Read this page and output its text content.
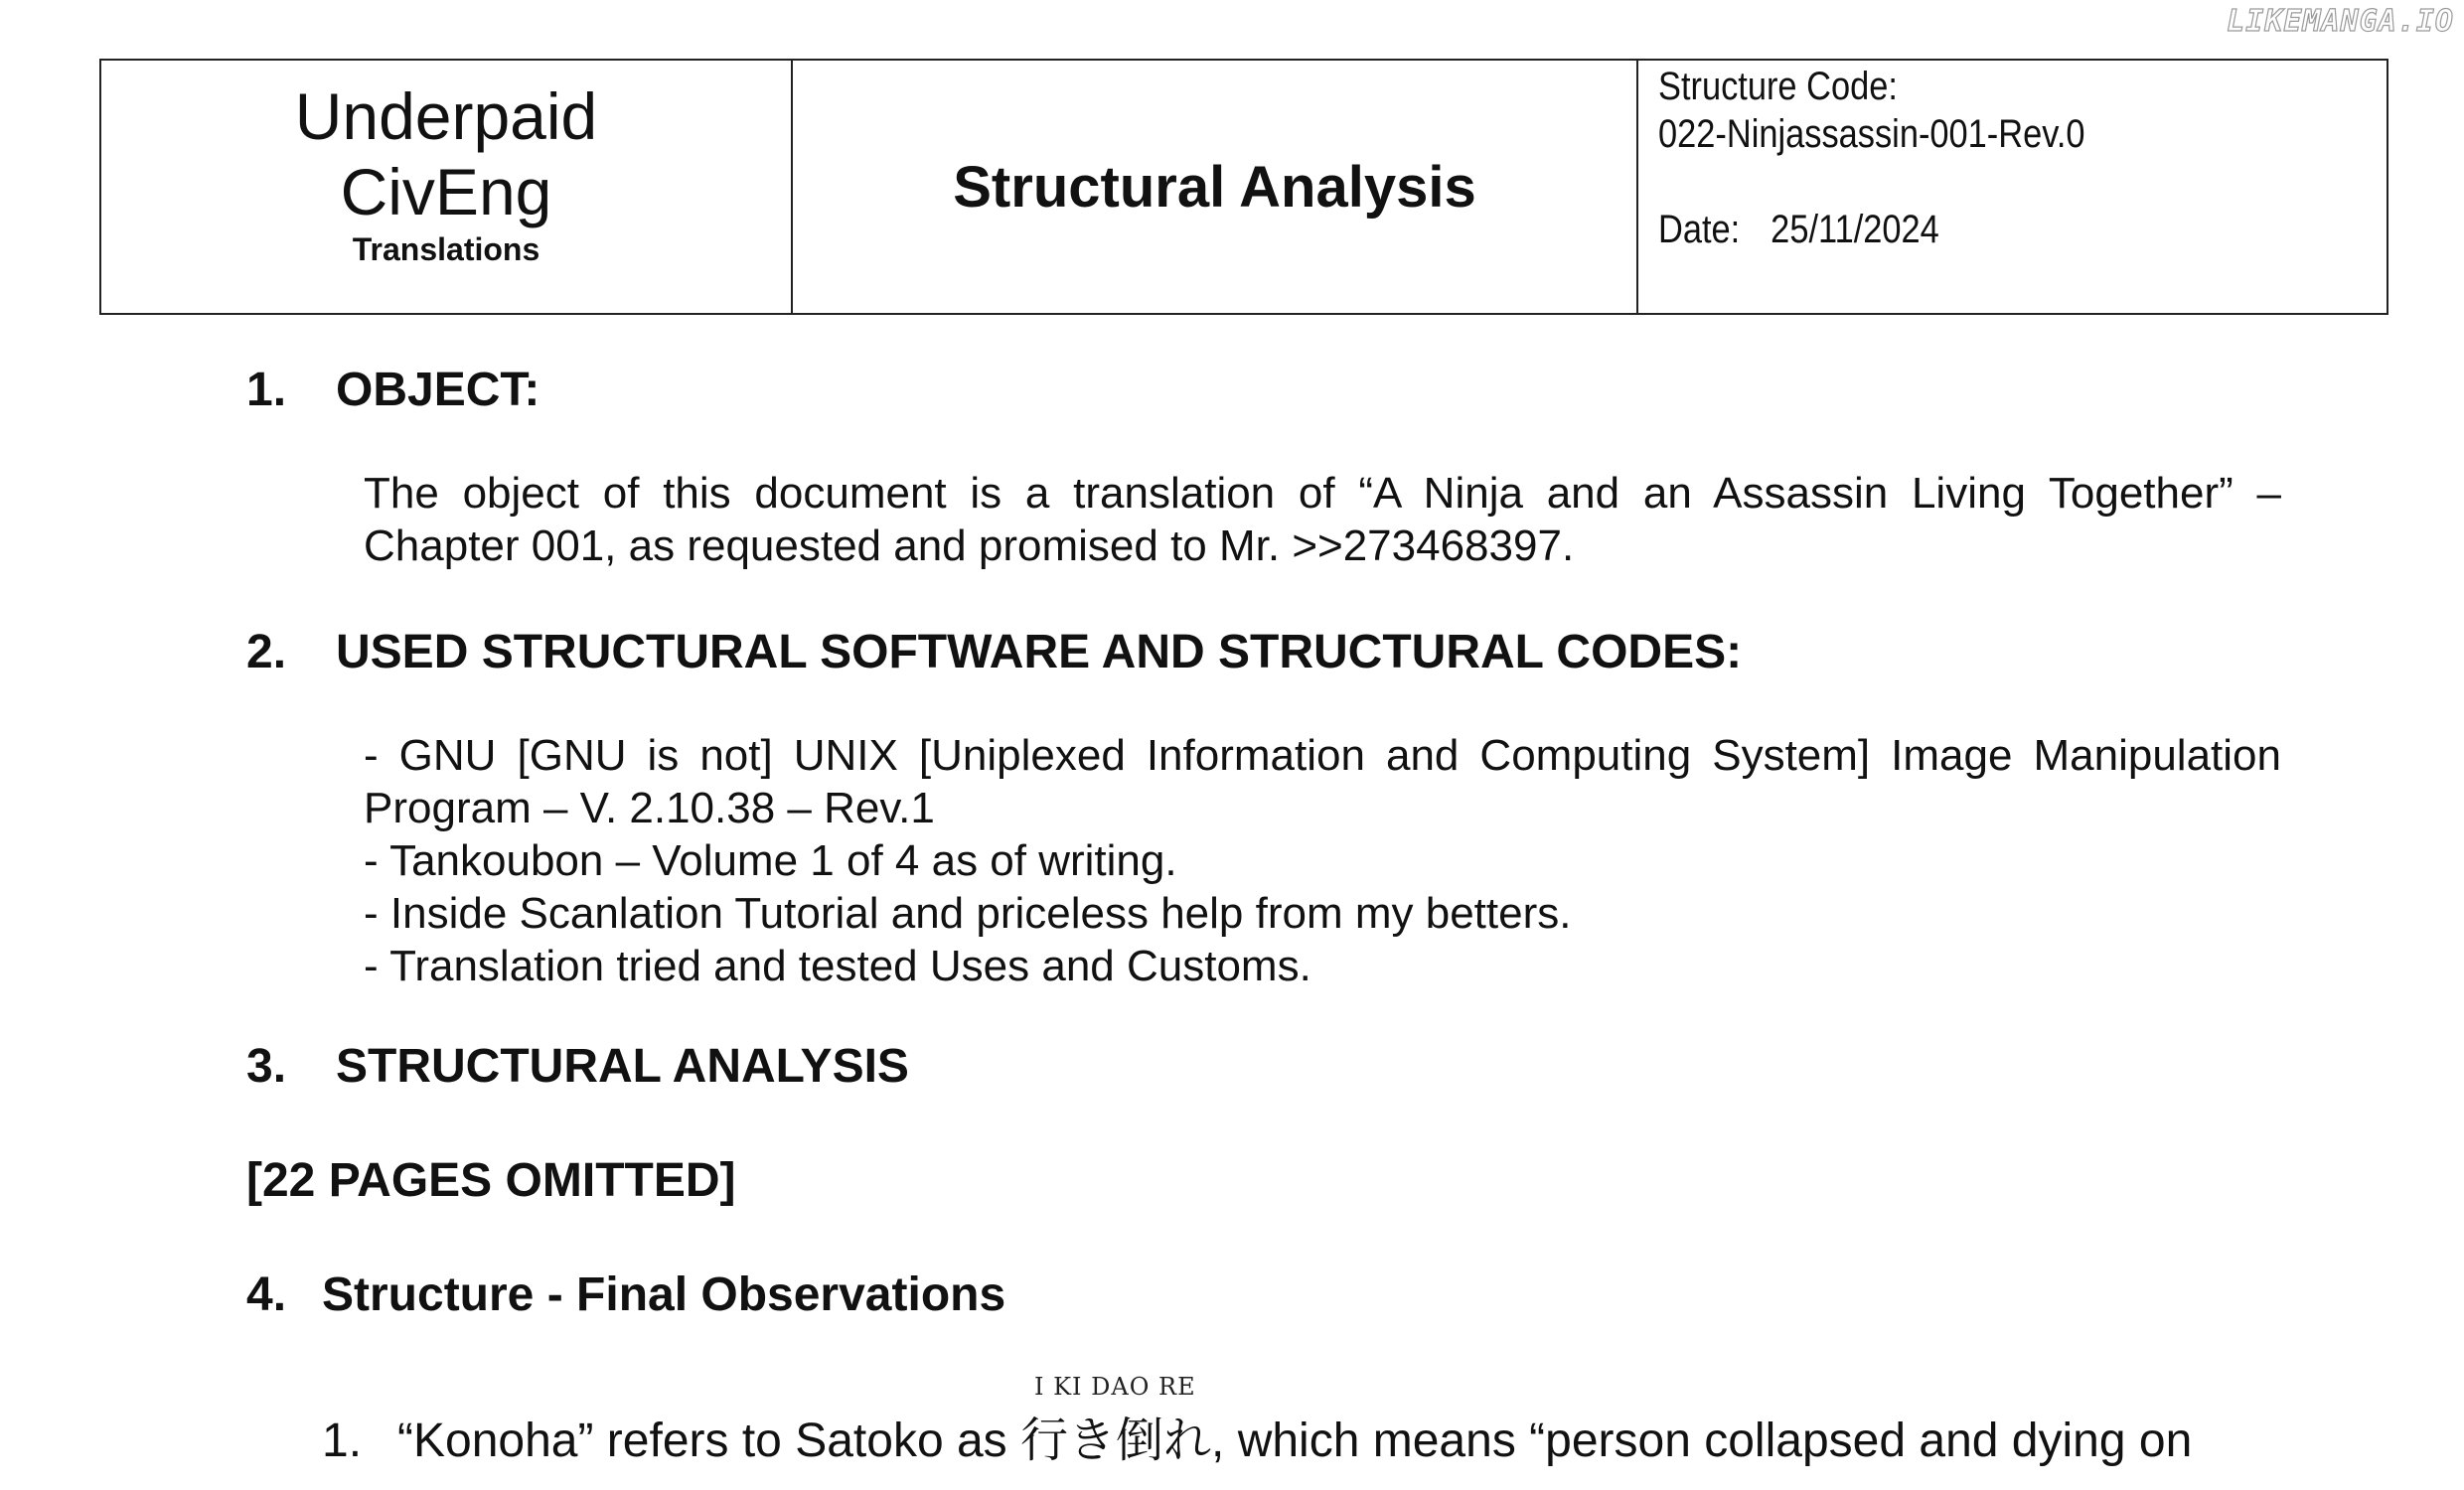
LIKEMANGA.IO
Underpaid
CivEng
Translations
Structural Analysis
Structure Code:
022-Ninjassassin-001-Rev.0
Date: 25/11/2024
1. OBJECT:
The object of this document is a translation of “A Ninja and an Assassin Living Together” –
Chapter 001, as requested and promised to Mr. >>273468397.
2. USED STRUCTURAL SOFTWARE AND STRUCTURAL CODES:
- GNU [GNU is not] UNIX [Uniplexed Information and Computing System] Image Manipulation
Program – V. 2.10.38 – Rev.1
- Tankoubon – Volume 1 of 4 as of writing.
- Inside Scanlation Tutorial and priceless help from my betters.
- Translation tried and tested Uses and Customs.
3. STRUCTURAL ANALYSIS
[22 PAGES OMITTED]
4. Structure - Final Observations
1. “Konoha” refers to Satoko as
I KI DAO RE
行き倒れ, which means “person collapsed and dying on
